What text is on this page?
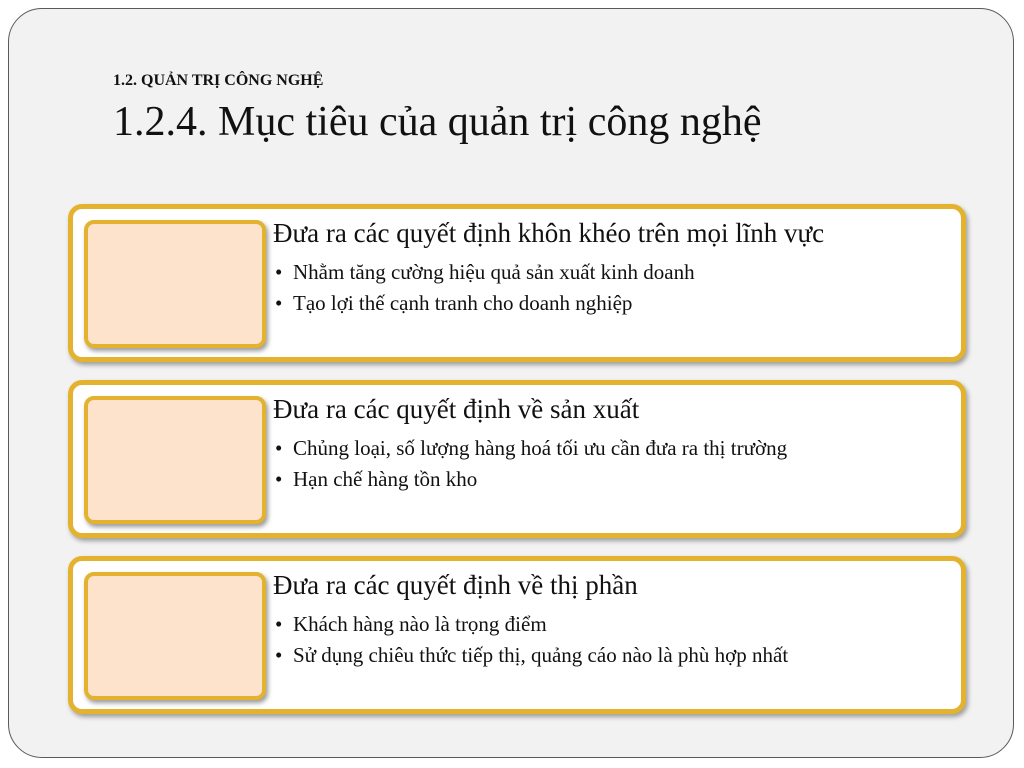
1.2. QUẢN TRỊ CÔNG NGHỆ
1.2.4. Mục tiêu của quản trị công nghệ
Đưa ra các quyết định khôn khéo trên mọi lĩnh vực
• Nhằm tăng cường hiệu quả sản xuất kinh doanh
• Tạo lợi thế cạnh tranh cho doanh nghiệp
Đưa ra các quyết định về sản xuất
• Chủng loại, số lượng hàng hoá tối ưu cần đưa ra thị trường
• Hạn chế hàng tồn kho
Đưa ra các quyết định về thị phần
• Khách hàng nào là trọng điểm
• Sử dụng chiêu thức tiếp thị, quảng cáo nào là phù hợp nhất
